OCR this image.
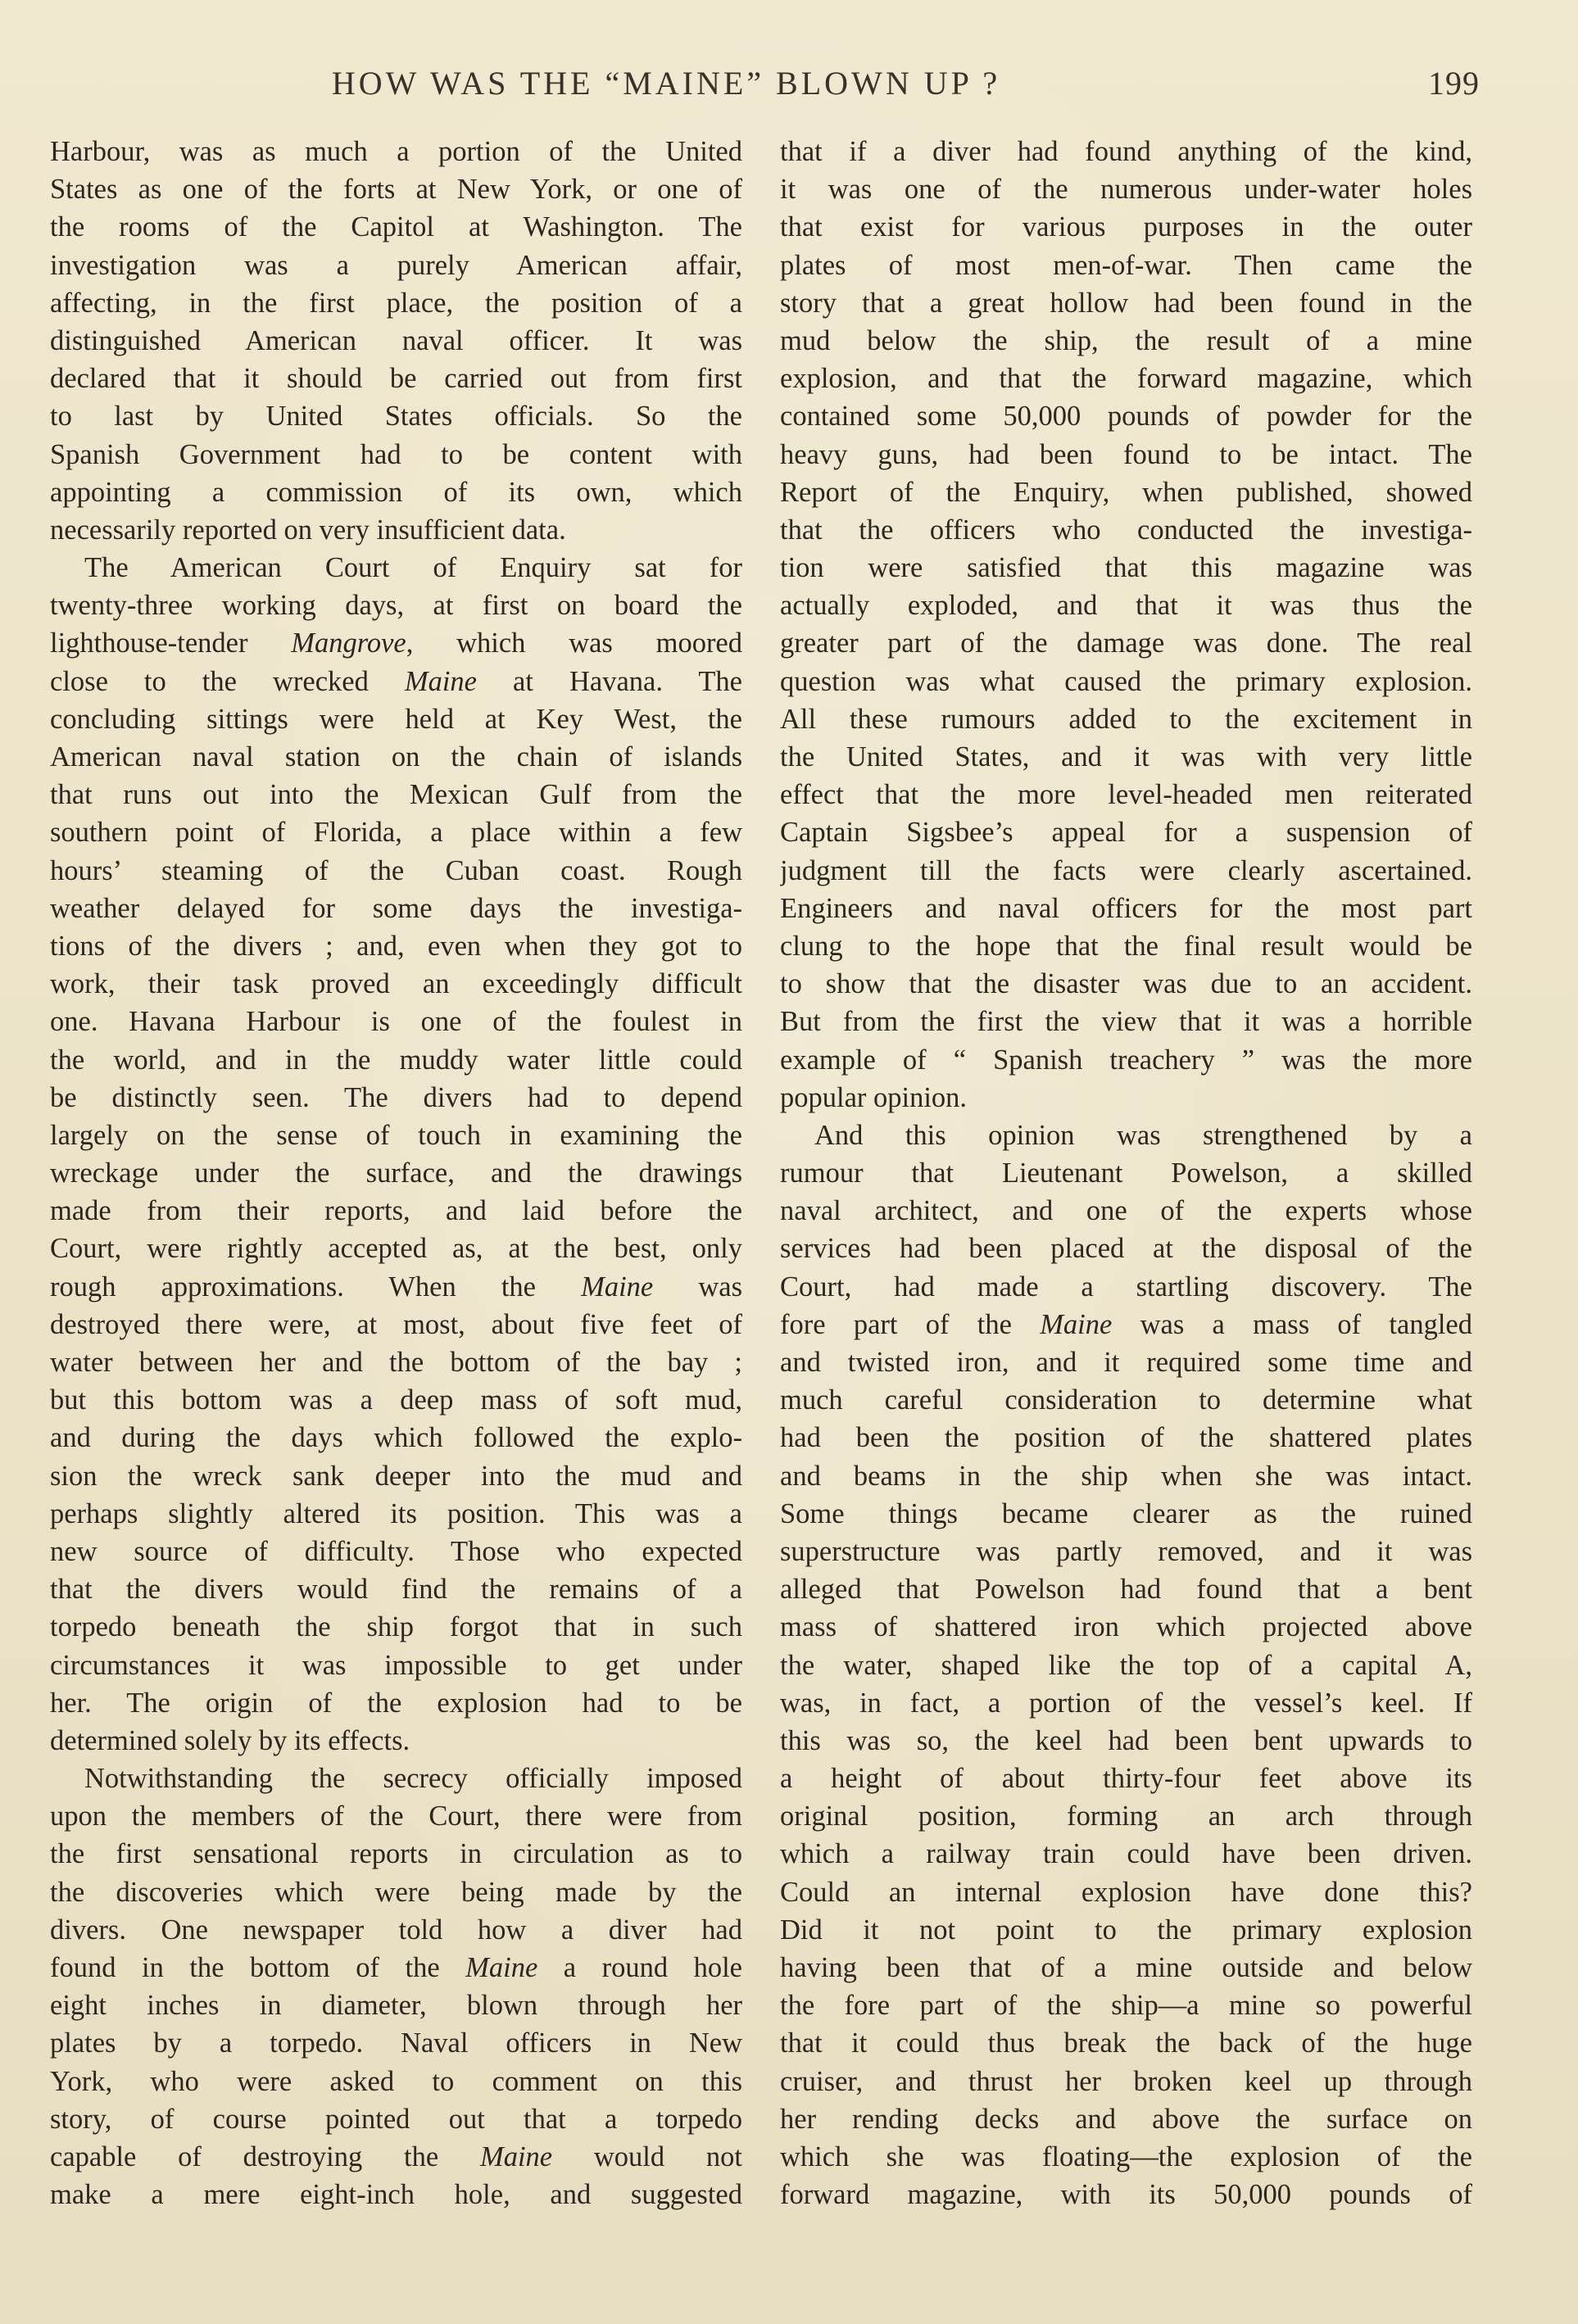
HOW WAS THE “MAINE” BLOWN UP ?	199
Harbour, was as much a portion of the United
States as one of the forts at New York, or one of
the rooms of the Capitol at Washington. The
investigation was a purely American affair,
affecting, in the first place, the position of a
distinguished American naval officer. It was
declared that it should be carried out from first
to last by United States officials. So the
Spanish Government had to be content with
appointing a commission of its own, which
necessarily reported on very insufficient data.
The American Court of Enquiry sat for
twenty-three working days, at first on board the
lighthouse-tender Mangrove, which was moored
close to the wrecked Maine at Havana. The
concluding sittings were held at Key West, the
American naval station on the chain of islands
that runs out into the Mexican Gulf from the
southern point of Florida, a place within a few
hours’ steaming of the Cuban coast. Rough
weather delayed for some days the investiga-
tions of the divers ; and, even when they got to
work, their task proved an exceedingly difficult
one. Havana Harbour is one of the foulest in
the world, and in the muddy water little could
be distinctly seen. The divers had to depend
largely on the sense of touch in examining the
wreckage under the surface, and the drawings
made from their reports, and laid before the
Court, were rightly accepted as, at the best, only
rough approximations. When the Maine was
destroyed there were, at most, about five feet of
water between her and the bottom of the bay ;
but this bottom was a deep mass of soft mud,
and during the days which followed the explo-
sion the wreck sank deeper into the mud and
perhaps slightly altered its position. This was a
new source of difficulty. Those who expected
that the divers would find the remains of a
torpedo beneath the ship forgot that in such
circumstances it was impossible to get under
her. The origin of the explosion had to be
determined solely by its effects.
Notwithstanding the secrecy officially imposed
upon the members of the Court, there were from
the first sensational reports in circulation as to
the discoveries which were being made by the
divers. One newspaper told how a diver had
found in the bottom of the Maine a round hole
eight inches in diameter, blown through her
plates by a torpedo. Naval officers in New
York, who were asked to comment on this
story, of course pointed out that a torpedo
capable of destroying the Maine would not
make a mere eight-inch hole, and suggested
that if a diver had found anything of the kind,
it was one of the numerous under-water holes
that exist for various purposes in the outer
plates of most men-of-war. Then came the
story that a great hollow had been found in the
mud below the ship, the result of a mine
explosion, and that the forward magazine, which
contained some 50,000 pounds of powder for the
heavy guns, had been found to be intact. The
Report of the Enquiry, when published, showed
that the officers who conducted the investiga-
tion were satisfied that this magazine was
actually exploded, and that it was thus the
greater part of the damage was done. The real
question was what caused the primary explosion.
All these rumours added to the excitement in
the United States, and it was with very little
effect that the more level-headed men reiterated
Captain Sigsbee’s appeal for a suspension of
judgment till the facts were clearly ascertained.
Engineers and naval officers for the most part
clung to the hope that the final result would be
to show that the disaster was due to an accident.
But from the first the view that it was a horrible
example of “ Spanish treachery ” was the more
popular opinion.
And this opinion was strengthened by a
rumour that Lieutenant Powelson, a skilled
naval architect, and one of the experts whose
services had been placed at the disposal of the
Court, had made a startling discovery. The
fore part of the Maine was a mass of tangled
and twisted iron, and it required some time and
much careful consideration to determine what
had been the position of the shattered plates
and beams in the ship when she was intact.
Some things became clearer as the ruined
superstructure was partly removed, and it was
alleged that Powelson had found that a bent
mass of shattered iron which projected above
the water, shaped like the top of a capital A,
was, in fact, a portion of the vessel’s keel. If
this was so, the keel had been bent upwards to
a height of about thirty-four feet above its
original position, forming an arch through
which a railway train could have been driven.
Could an internal explosion have done this?
Did it not point to the primary explosion
having been that of a mine outside and below
the fore part of the ship—a mine so powerful
that it could thus break the back of the huge
cruiser, and thrust her broken keel up through
her rending decks and above the surface on
which she was floating—the explosion of the
forward magazine, with its 50,000 pounds of
